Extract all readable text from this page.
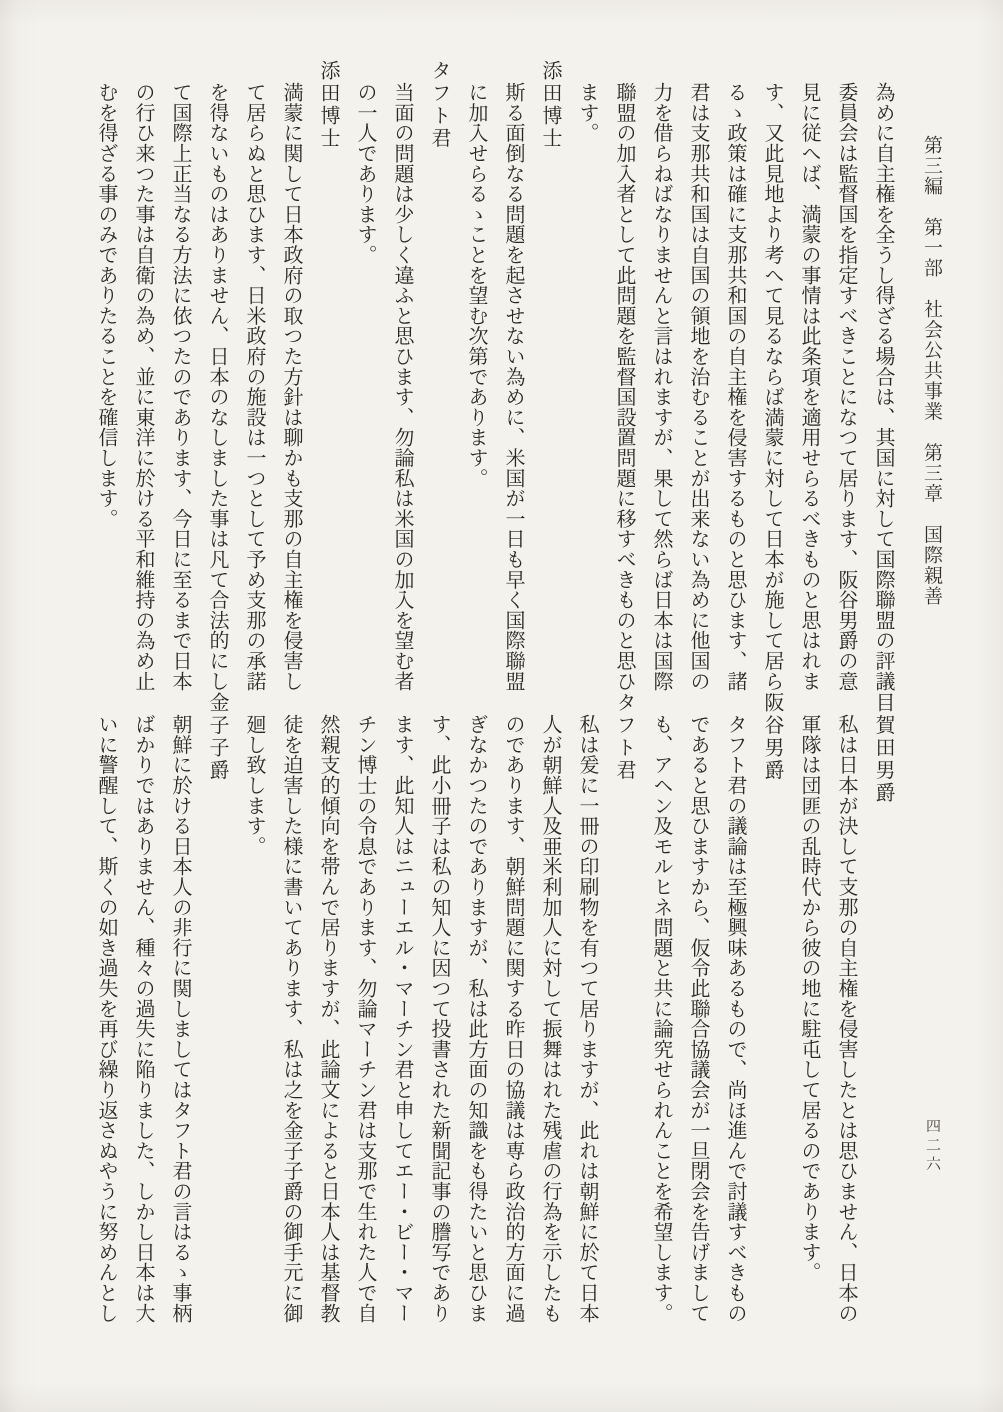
第三編　第一部　社会公共事業　第三章　国際親善
為めに自主権を全うし得ざる場合は、其国に対して国際聯盟の評議
委員会は監督国を指定すべきことになつて居ります、阪谷男爵の意
見に従へば、満蒙の事情は此条項を適用せらるべきものと思はれま
す、又此見地より考へて見るならば満蒙に対して日本が施して居ら
るゝ政策は確に支那共和国の自主権を侵害するものと思ひます、諸
君は支那共和国は自国の領地を治むることが出来ない為めに他国の
力を借らねばなりませんと言はれますが、果して然らば日本は国際
聯盟の加入者として此問題を監督国設置問題に移すべきものと思ひ
ます。
添田博士
斯る面倒なる問題を起させない為めに、米国が一日も早く国際聯盟
に加入せらるゝことを望む次第であります。
タフト君
当面の問題は少しく違ふと思ひます、勿論私は米国の加入を望む者
の一人であります。
添田博士
満蒙に関して日本政府の取つた方針は聊かも支那の自主権を侵害し
て居らぬと思ひます、日米政府の施設は一つとして予め支那の承諾
を得ないものはありません、日本のなしました事は凡て合法的にし
て国際上正当なる方法に依つたのであります、今日に至るまで日本
の行ひ来つた事は自衛の為め、並に東洋に於ける平和維持の為め止
むを得ざる事のみでありたることを確信します。
目賀田男爵
私は日本が決して支那の自主権を侵害したとは思ひません、日本の
軍隊は団匪の乱時代から彼の地に駐屯して居るのであります。
阪谷男爵
タフト君の議論は至極興味あるもので、尚ほ進んで討議すべきもの
であると思ひますから、仮令此聯合協議会が一旦閉会を告げまして
も、アヘン及モルヒネ問題と共に論究せられんことを希望します。
タフト君
私は爰に一冊の印刷物を有つて居りますが、此れは朝鮮に於て日本
人が朝鮮人及亜米利加人に対して振舞はれた残虐の行為を示したも
のであります、朝鮮問題に関する昨日の協議は専ら政治的方面に過
ぎなかつたのでありますが、私は此方面の知識をも得たいと思ひま
す、此小冊子は私の知人に因つて投書された新聞記事の謄写であり
ます、此知人はニューエル・マーチン君と申してエー・ビー・マー
チン博士の令息であります、勿論マーチン君は支那で生れた人で自
然親支的傾向を帯んで居りますが、此論文によると日本人は基督教
徒を迫害した様に書いてあります、私は之を金子子爵の御手元に御
廻し致します。
金子子爵
朝鮮に於ける日本人の非行に関しましてはタフト君の言はるゝ事柄
ばかりではありません、種々の過失に陥りました、しかし日本は大
いに警醒して、斯くの如き過失を再び繰り返さぬやうに努めんとし	四二六
